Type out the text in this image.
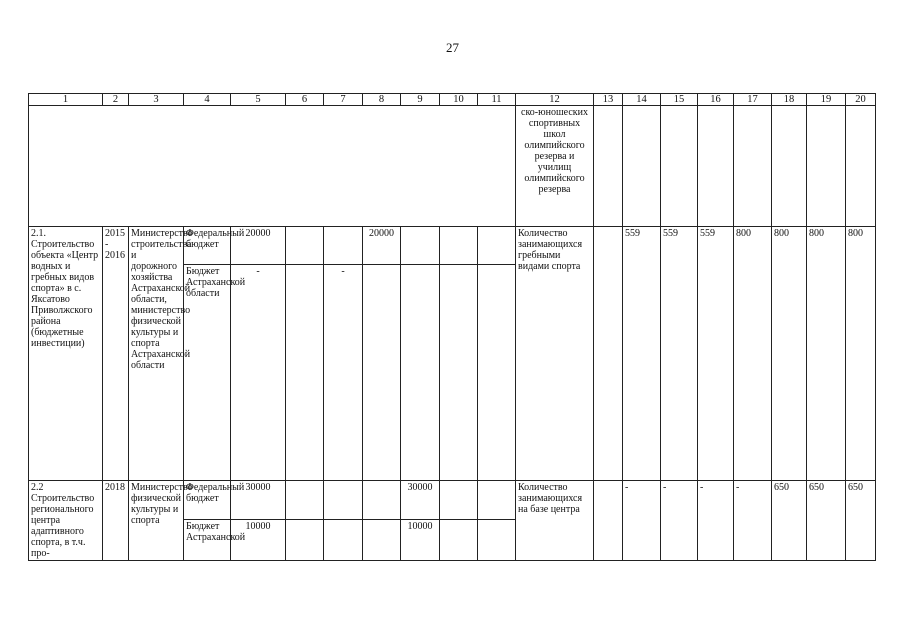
27
1	2	3	4	5	6	7	8	9	10	11	12	13	14	15	16	17	18	19	20
											ско-юношеских спортивных школ олимпийского резерва и училищ олимпийского резерва								
2.1. Строительство объекта «Центр водных и гребных видов спорта» в с. Яксатово Приволжского района (бюджетные инвестиции)	2015 - 2016	Министерство строительства и дорожного хозяйства Астраханской области, министерство физической культуры и спорта Астраханской области	Федеральный бюджет	20000			20000				Количество занимающихся гребными видами спорта		559	559	559	800	800	800	800
			Бюджет Астраханской области	-		-													
2.2 Строительство регионального центра адаптивного спорта, в т.ч. про-	2018	Министерство физической культуры и спорта	Федеральный бюджет	30000				30000			Количество занимающихся на базе центра		-	-	-	-	650	650	650
			Бюджет Астраханской	10000				10000											
